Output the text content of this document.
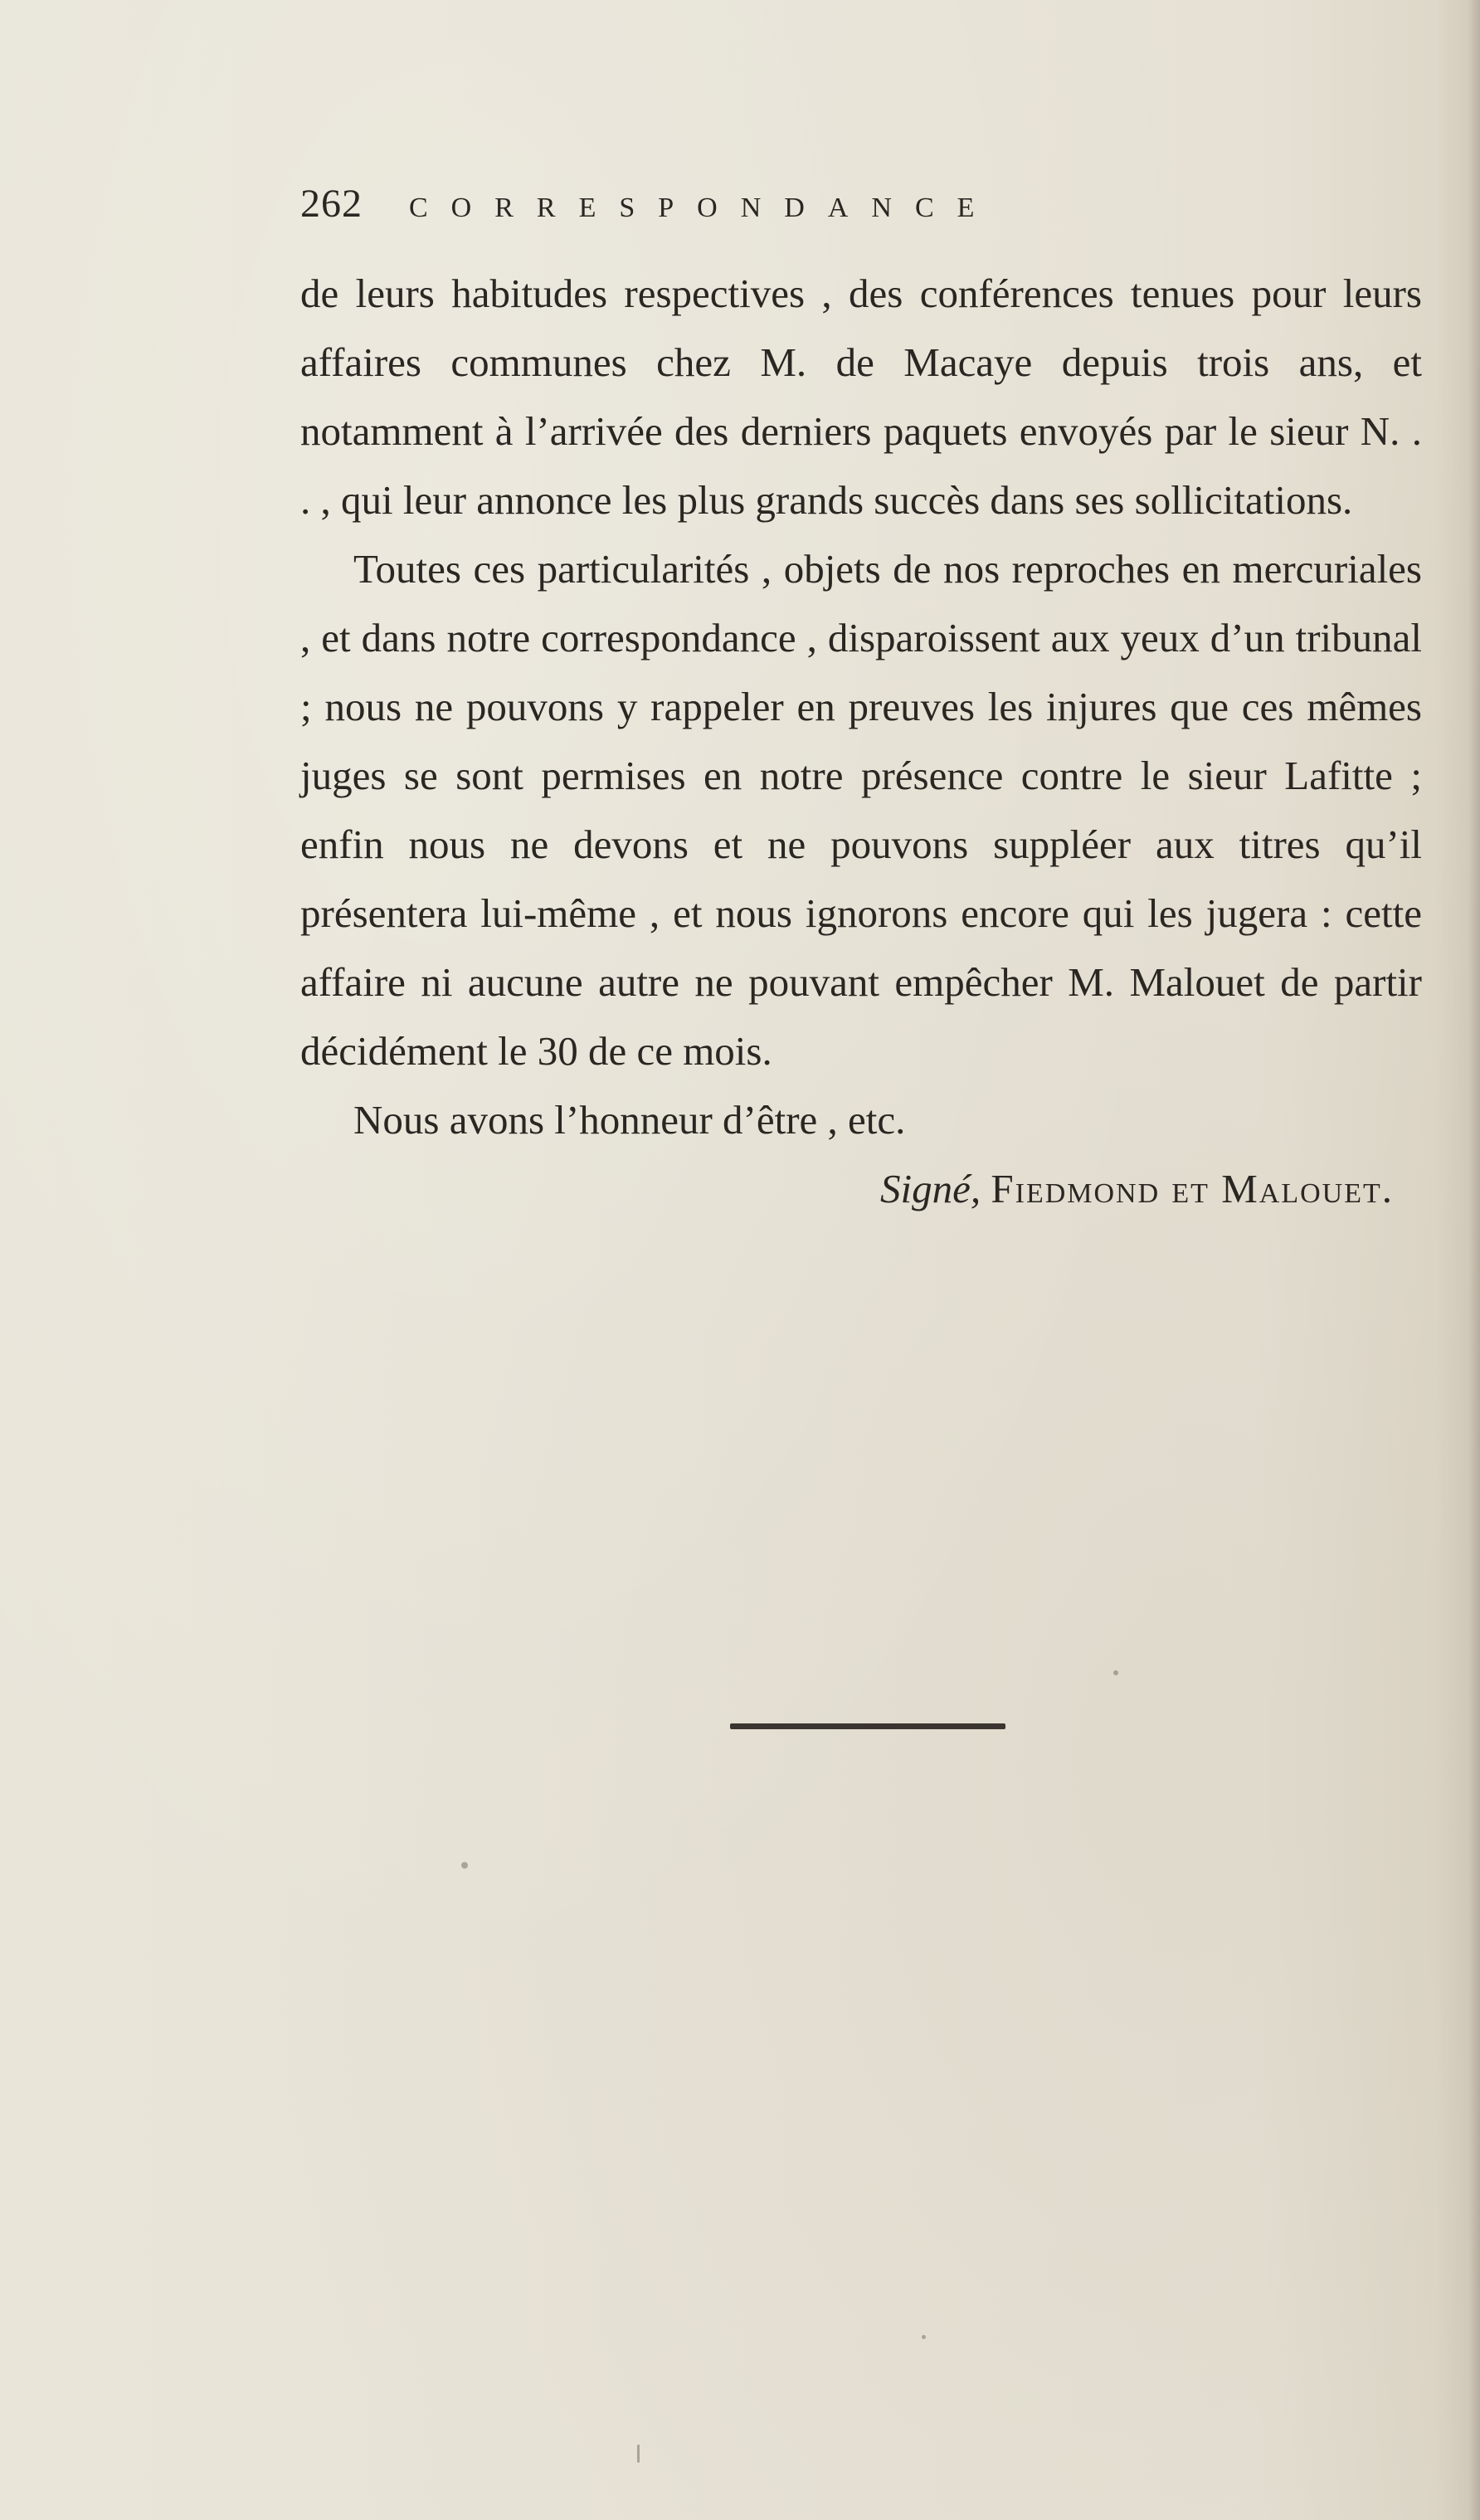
262 CORRESPONDANCE

de leurs habitudes respectives , des conférences tenues pour leurs affaires communes chez M. de Macaye depuis trois ans, et notamment à l’arrivée des derniers paquets envoyés par le sieur N. . . , qui leur annonce les plus grands succès dans ses sollicitations.

Toutes ces particularités , objets de nos reproches en mercuriales , et dans notre correspondance , disparoissent aux yeux d’un tribunal ; nous ne pouvons y rappeler en preuves les injures que ces mêmes juges se sont permises en notre présence contre le sieur Lafitte ; enfin nous ne devons et ne pouvons suppléer aux titres qu’il présentera lui-même , et nous ignorons encore qui les jugera : cette affaire ni aucune autre ne pouvant empêcher M. Malouet de partir décidément le 30 de ce mois.

Nous avons l’honneur d’être , etc.

Signé, Fiedmond et Malouet.
